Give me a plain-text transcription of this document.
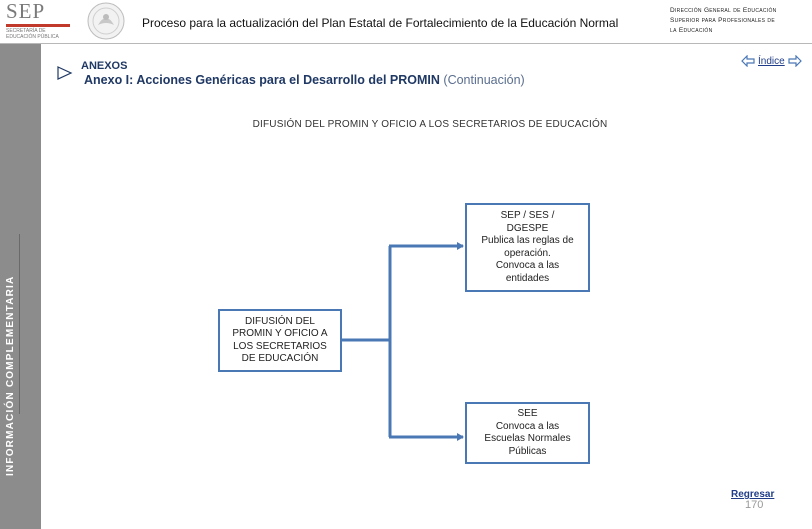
SEP
SECRETARÍA DE EDUCACIÓN PÚBLICA
Proceso para la actualización del Plan Estatal de Fortalecimiento de la Educación Normal
Dirección General de Educación
Superior para Profesionales de
la Educación
INFORMACIÓN COMPLEMENTARIA
ANEXOS
Anexo I: Acciones Genéricas para el Desarrollo del PROMIN (Continuación)
Índice
DIFUSIÓN DEL PROMIN Y OFICIO A LOS SECRETARIOS DE EDUCACIÓN
DIFUSIÓN DEL
PROMIN Y OFICIO A
LOS SECRETARIOS
DE EDUCACIÓN
SEP / SES /
DGESPE
Publica las reglas de
operación.
Convoca a las
entidades
SEE
Convoca a las
Escuelas Normales
Públicas
170
Regresar
